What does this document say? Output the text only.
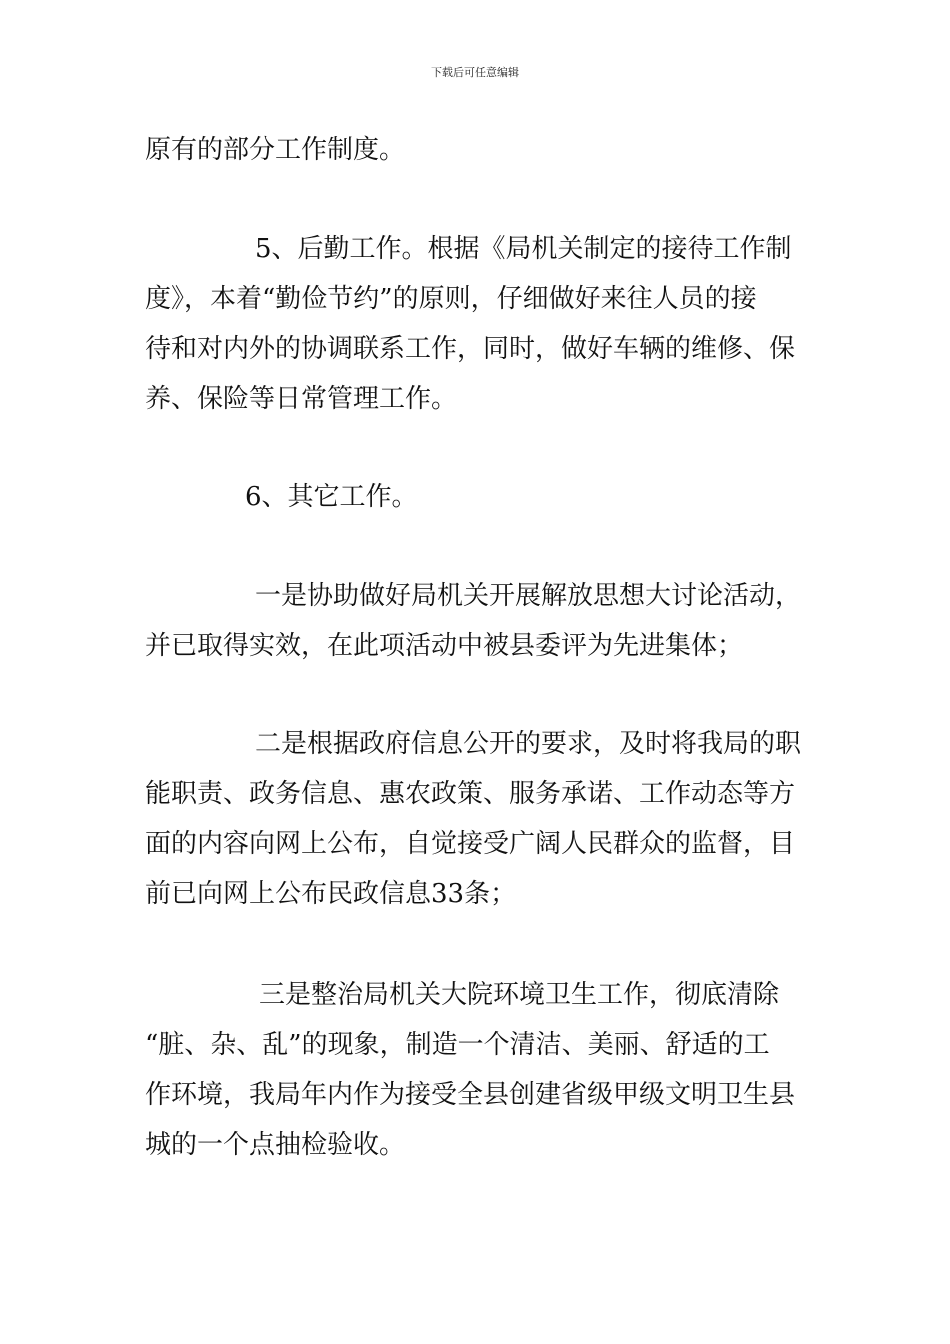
下载后可任意编辑
原有的部分工作制度。
5、后勤工作。根据《局机关制定的接待工作制
度》，本着“勤俭节约”的原则，仔细做好来往人员的接
待和对内外的协调联系工作，同时，做好车辆的维修、保
养、保险等日常管理工作。
6、其它工作。
一是协助做好局机关开展解放思想大讨论活动，
并已取得实效，在此项活动中被县委评为先进集体；
二是根据政府信息公开的要求，及时将我局的职
能职责、政务信息、惠农政策、服务承诺、工作动态等方
面的内容向网上公布，自觉接受广阔人民群众的监督，目
前已向网上公布民政信息33条；
三是整治局机关大院环境卫生工作，彻底清除
“脏、杂、乱”的现象，制造一个清洁、美丽、舒适的工
作环境，我局年内作为接受全县创建省级甲级文明卫生县
城的一个点抽检验收。
